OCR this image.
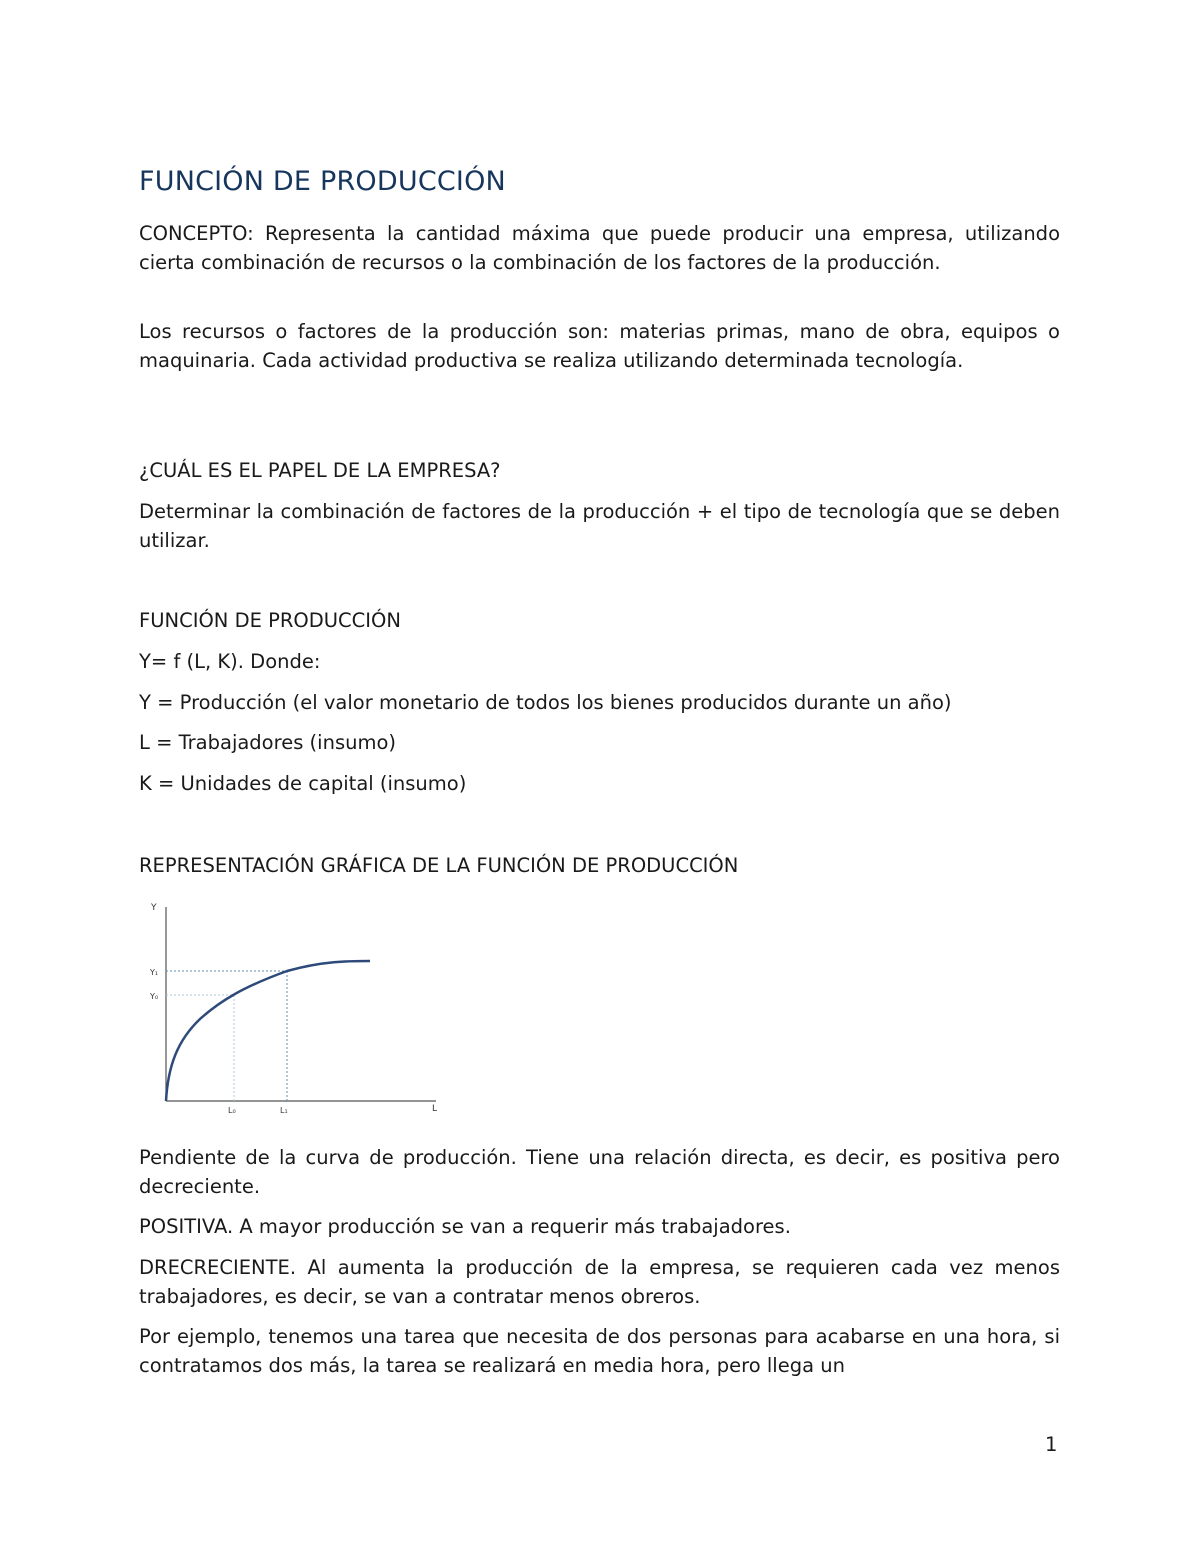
FUNCIÓN DE PRODUCCIÓN

CONCEPTO: Representa la cantidad máxima que puede producir una empresa, utilizando cierta combinación de recursos o la combinación de los factores de la producción.

Los recursos o factores de la producción son: materias primas, mano de obra, equipos o maquinaria. Cada actividad productiva se realiza utilizando determinada tecnología.

¿CUÁL ES EL PAPEL DE LA EMPRESA?

Determinar la combinación de factores de la producción + el tipo de tecnología que se deben utilizar.

FUNCIÓN DE PRODUCCIÓN

Y= f (L, K). Donde:

Y = Producción (el valor monetario de todos los bienes producidos durante un año)

L = Trabajadores (insumo)

K = Unidades de capital (insumo)

REPRESENTACIÓN GRÁFICA DE LA FUNCIÓN DE PRODUCCIÓN

Pendiente de la curva de producción. Tiene una relación directa, es decir, es positiva pero decreciente.

POSITIVA. A mayor producción se van a requerir más trabajadores.

DRECRECIENTE. Al aumenta la producción de la empresa, se requieren cada vez menos trabajadores, es decir, se van a contratar menos obreros.

Por ejemplo, tenemos una tarea que necesita de dos personas para acabarse en una hora, si contratamos dos más, la tarea se realizará en media hora, pero llega un

Y
L
Y₁
Y₀
L₀	L₁
1
